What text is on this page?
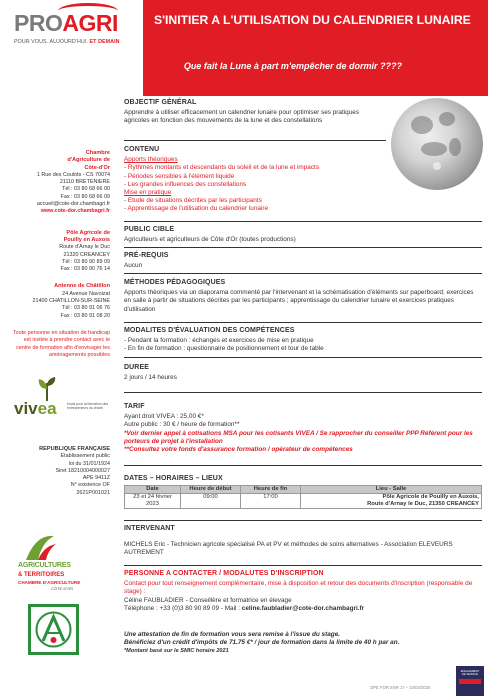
PROAGRI
POUR VOUS. AUJOURD'HUI. ET DEMAIN
S'INITIER A L'UTILISATION DU CALENDRIER LUNAIRE
Que fait la Lune à part m'empêcher de dormir ????
Chambre d'Agriculture de Côte-d'Or
1 Rue des Coulots - CS 70074
21110 BRETENIERE
Tél : 03 80 68 66 00
Fax : 03 80 68 66 09
accueil@cote-dor.chambagri.fr
www.cote-dor.chambagri.fr
Pôle Agricole de Pouilly en Auxois
Route d'Arnay le Duc
21320 CREANCEY
Tél : 03 80 90 89 09
Fax : 03 80 90 76 14
Antenne de Châtillon
24 Avenue Navoizat
21400 CHATILLON-SUR-SEINE
Tél : 03 80 91 06 76
Fax : 03 80 91 08 20
Toute personne en situation de handicap est invitée à prendre contact avec le centre de formation afin d'envisager les aménagements possibles
vivea	fonds pour la formation des entrepreneurs du vivant
REPUBLIQUE FRANÇAISE
Etablissement public
loi du 31/01/1924
Siret 18210004000027
APE 9411Z
N° existence OF
2621P001021
AGRICULTURES
& TERRITOIRES
CHAMBRE D'AGRICULTURE
CÔTE-D'OR
OBJECTIF GÉNÉRAL
Apprendre à utiliser efficacement un calendrier lunaire pour optimiser ses pratiques agricoles en fonction des mouvements de la lune et des constellations
CONTENU
Apports théoriques
- Rythmes montants et descendants du soleil et de la lune et impacts
- Périodes sensibles à l'élément liquide
- Les grandes influences des constellations
Mise en pratique
- Etude de situations décrites par les participants
- Apprentissage de l'utilisation du calendrier lunaire
PUBLIC CIBLE
Agriculteurs et agriculteurs de Côte d'Or (toutes productions)
PRÉ-REQUIS
Aucun
MÉTHODES PÉDAGOGIQUES
Apports théoriques via un diaporama commenté par l'intervenant et la schématisation d'éléments sur paperboard; exercices en salle à partir de situations décrites par les participants ; apprentissage du calendrier lunaire et exercices pratiques d'utilisation
MODALITES D'ÉVALUATION DES COMPÉTENCES
- Pendant la formation : échanges et exercices de mise en pratique
- En fin de formation : questionnaire de positionnement et tour de table
DUREE
2 jours / 14 heures
TARIF
Ayant droit VIVEA : 25,00 €*
Autre public : 30 € / heure de formation**
*Voir dernier appel à cotisations MSA pour les cotisants VIVEA / Se rapprocher du conseiller PPP Référent pour les porteurs de projet à l'installation
**Consultez votre fonds d'assurance formation / opérateur de compétences
DATES – HORAIRES – LIEUX
Date	Heure de début	Heure de fin	Lieu - Salle
23 et 24 février 2023	09:00	17:00	Pôle Agricole de Pouilly en Auxois,
Route d'Arnay le Duc, 21350 CREANCEY
INTERVENANT
MICHELS Eric - Technicien agricole spécialisé PA et PV et méthodes de soins alternatives - Association ELEVEURS AUTREMENT
PERSONNE A CONTACTER / MODALUTES D'INSCRIPTION
Contact pour tout renseignement complémentaire, mise à disposition et retour des documents d'inscription (responsable de stage) :
Céline FAUBLADIER - Conseillère et formatrice en élevage
Téléphone : +33 (0)3 80 90 89 09 - Mail : celine.faubladier@cote-dor.chambagri.fr
Une attestation de fin de formation vous sera remise à l'issue du stage.
Bénéficiez d'un crédit d'impôts de 71.75 €* / jour de formation dans la limite de 40 h par an.
*Montant basé sur le SMIC horaire 2021
OPE FOR ENR 17 – 10/04/2020
ENGAGEMENT
DE SERVICE
